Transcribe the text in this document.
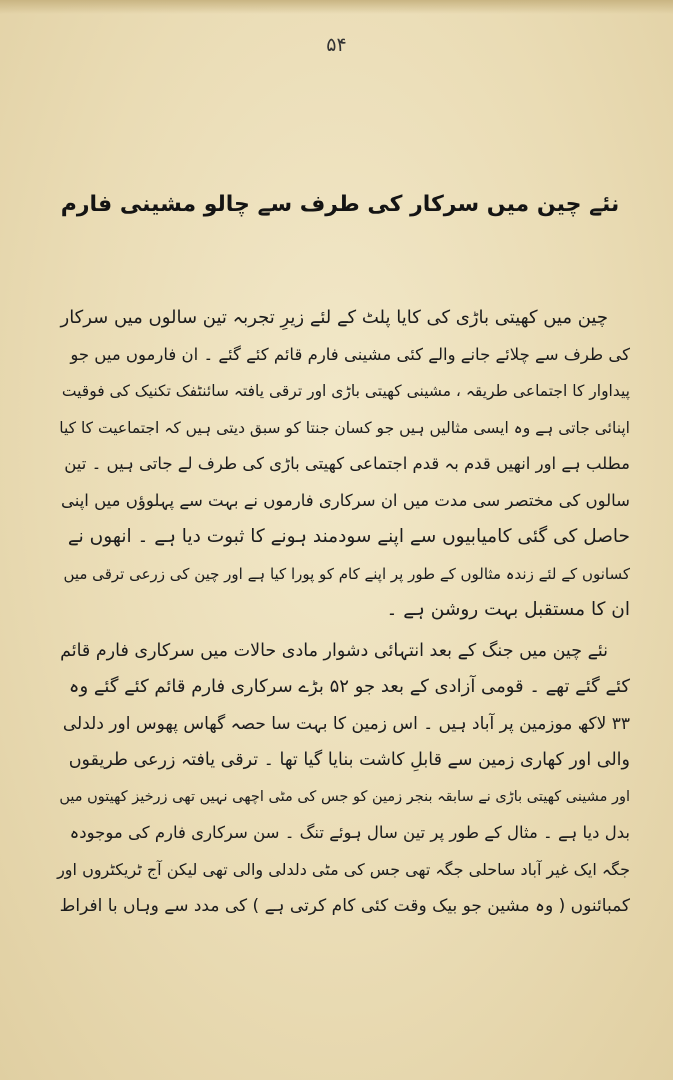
۵۴
نئے چین میں سرکار کی طرف سے چالو مشینی فارم
چین میں کھیتی باڑی کی کایا پلٹ کے لئے زیرِ تجربہ تین سالوں میں سرکار
کی طرف سے چلائے جانے والے کئی مشینی فارم قائم کئے گئے ۔ ان فارموں میں جو
پیداوار کا اجتماعی طریقہ ، مشینی کھیتی باڑی اور ترقی یافتہ سائنٹفک تکنیک کی فوقیت
اپنائی جاتی ہے وہ ایسی مثالیں ہیں جو کسان جنتا کو سبق دیتی ہیں کہ اجتماعیت کا کیا
مطلب ہے اور انھیں قدم بہ قدم اجتماعی کھیتی باڑی کی طرف لے جاتی ہیں ۔ تین
سالوں کی مختصر سی مدت میں ان سرکاری فارموں نے بہت سے پہلوؤں میں اپنی
حاصل کی گئی کامیابیوں سے اپنے سودمند ہونے کا ثبوت دیا ہے ۔ انھوں نے
کسانوں کے لئے زندہ مثالوں کے طور پر اپنے کام کو پورا کیا ہے اور چین کی زرعی ترقی میں
ان کا مستقبل بہت روشن ہے ۔
نئے چین میں جنگ کے بعد انتہائی دشوار مادی حالات میں سرکاری فارم قائم
کئے گئے تھے ۔ قومی آزادی کے بعد جو ۵۲ بڑے سرکاری فارم قائم کئے گئے وہ
۳۳ لاکھ موزمین پر آباد ہیں ۔ اس زمین کا بہت سا حصہ گھاس پھوس اور دلدلی
والی اور کھاری زمین سے قابلِ کاشت بنایا گیا تھا ۔ ترقی یافتہ زرعی طریقوں
اور مشینی کھیتی باڑی نے سابقہ بنجر زمین کو جس کی مٹی اچھی نہیں تھی زرخیز کھیتوں میں
بدل دیا ہے ۔ مثال کے طور پر تین سال ہوئے تنگ ۔ سن سرکاری فارم کی موجودہ
جگہ ایک غیر آباد ساحلی جگہ تھی جس کی مٹی دلدلی والی تھی لیکن آج ٹریکٹروں اور
کمبائنوں ( وہ مشین جو بیک وقت کئی کام کرتی ہے ) کی مدد سے وہاں با افراط
